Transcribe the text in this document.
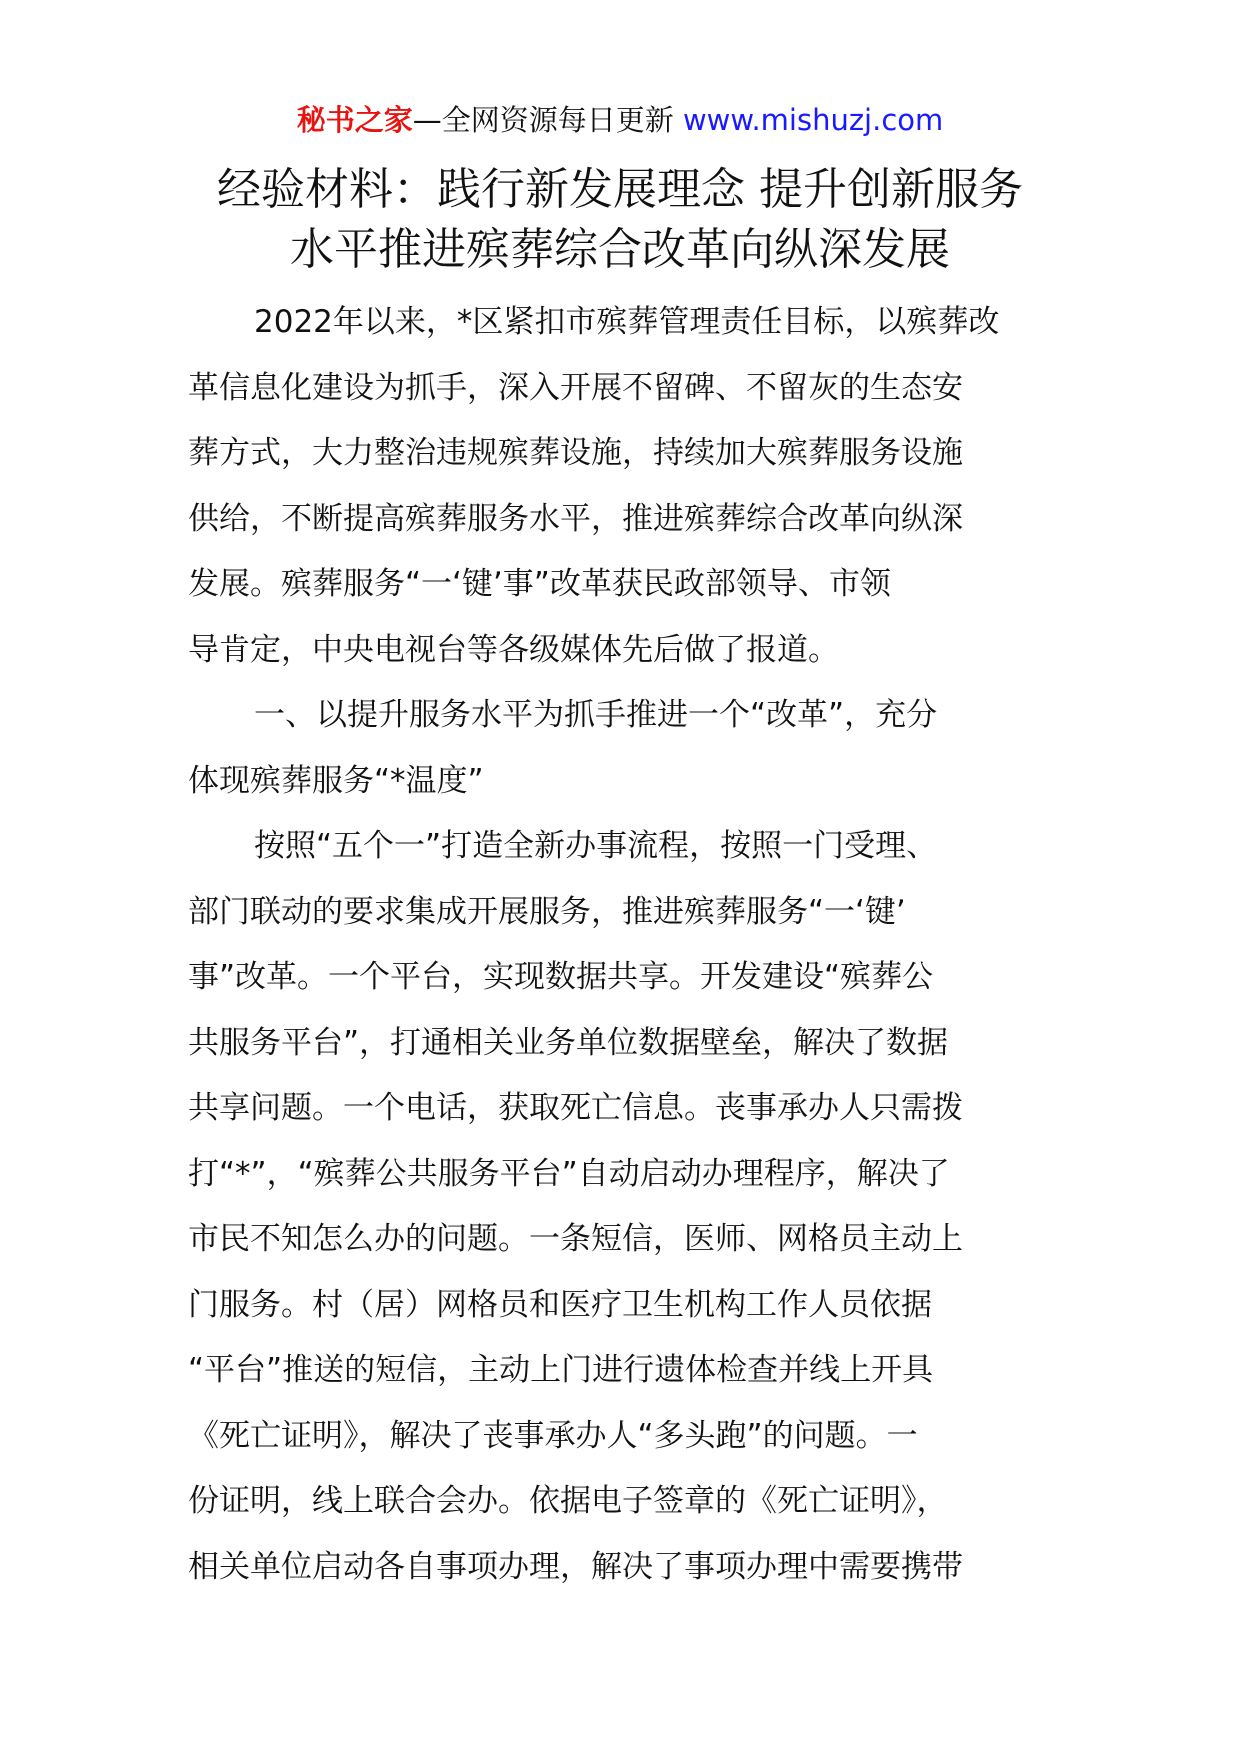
秘书之家—全网资源每日更新 www.mishuzj.com
经验材料：践行新发展理念 提升创新服务
水平推进殡葬综合改革向纵深发展
2022年以来，*区紧扣市殡葬管理责任目标，以殡葬改
革信息化建设为抓手，深入开展不留碑、不留灰的生态安
葬方式，大力整治违规殡葬设施，持续加大殡葬服务设施
供给，不断提高殡葬服务水平，推进殡葬综合改革向纵深
发展。殡葬服务“一‘键’事”改革获民政部领导、市领
导肯定，中央电视台等各级媒体先后做了报道。
一、以提升服务水平为抓手推进一个“改革”，充分
体现殡葬服务“*温度”
按照“五个一”打造全新办事流程，按照一门受理、
部门联动的要求集成开展服务，推进殡葬服务“一‘键’
事”改革。一个平台，实现数据共享。开发建设“殡葬公
共服务平台”，打通相关业务单位数据壁垒，解决了数据
共享问题。一个电话，获取死亡信息。丧事承办人只需拨
打“*”，“殡葬公共服务平台”自动启动办理程序，解决了
市民不知怎么办的问题。一条短信，医师、网格员主动上
门服务。村（居）网格员和医疗卫生机构工作人员依据
“平台”推送的短信，主动上门进行遗体检查并线上开具
《死亡证明》，解决了丧事承办人“多头跑”的问题。一
份证明，线上联合会办。依据电子签章的《死亡证明》，
相关单位启动各自事项办理，解决了事项办理中需要携带
